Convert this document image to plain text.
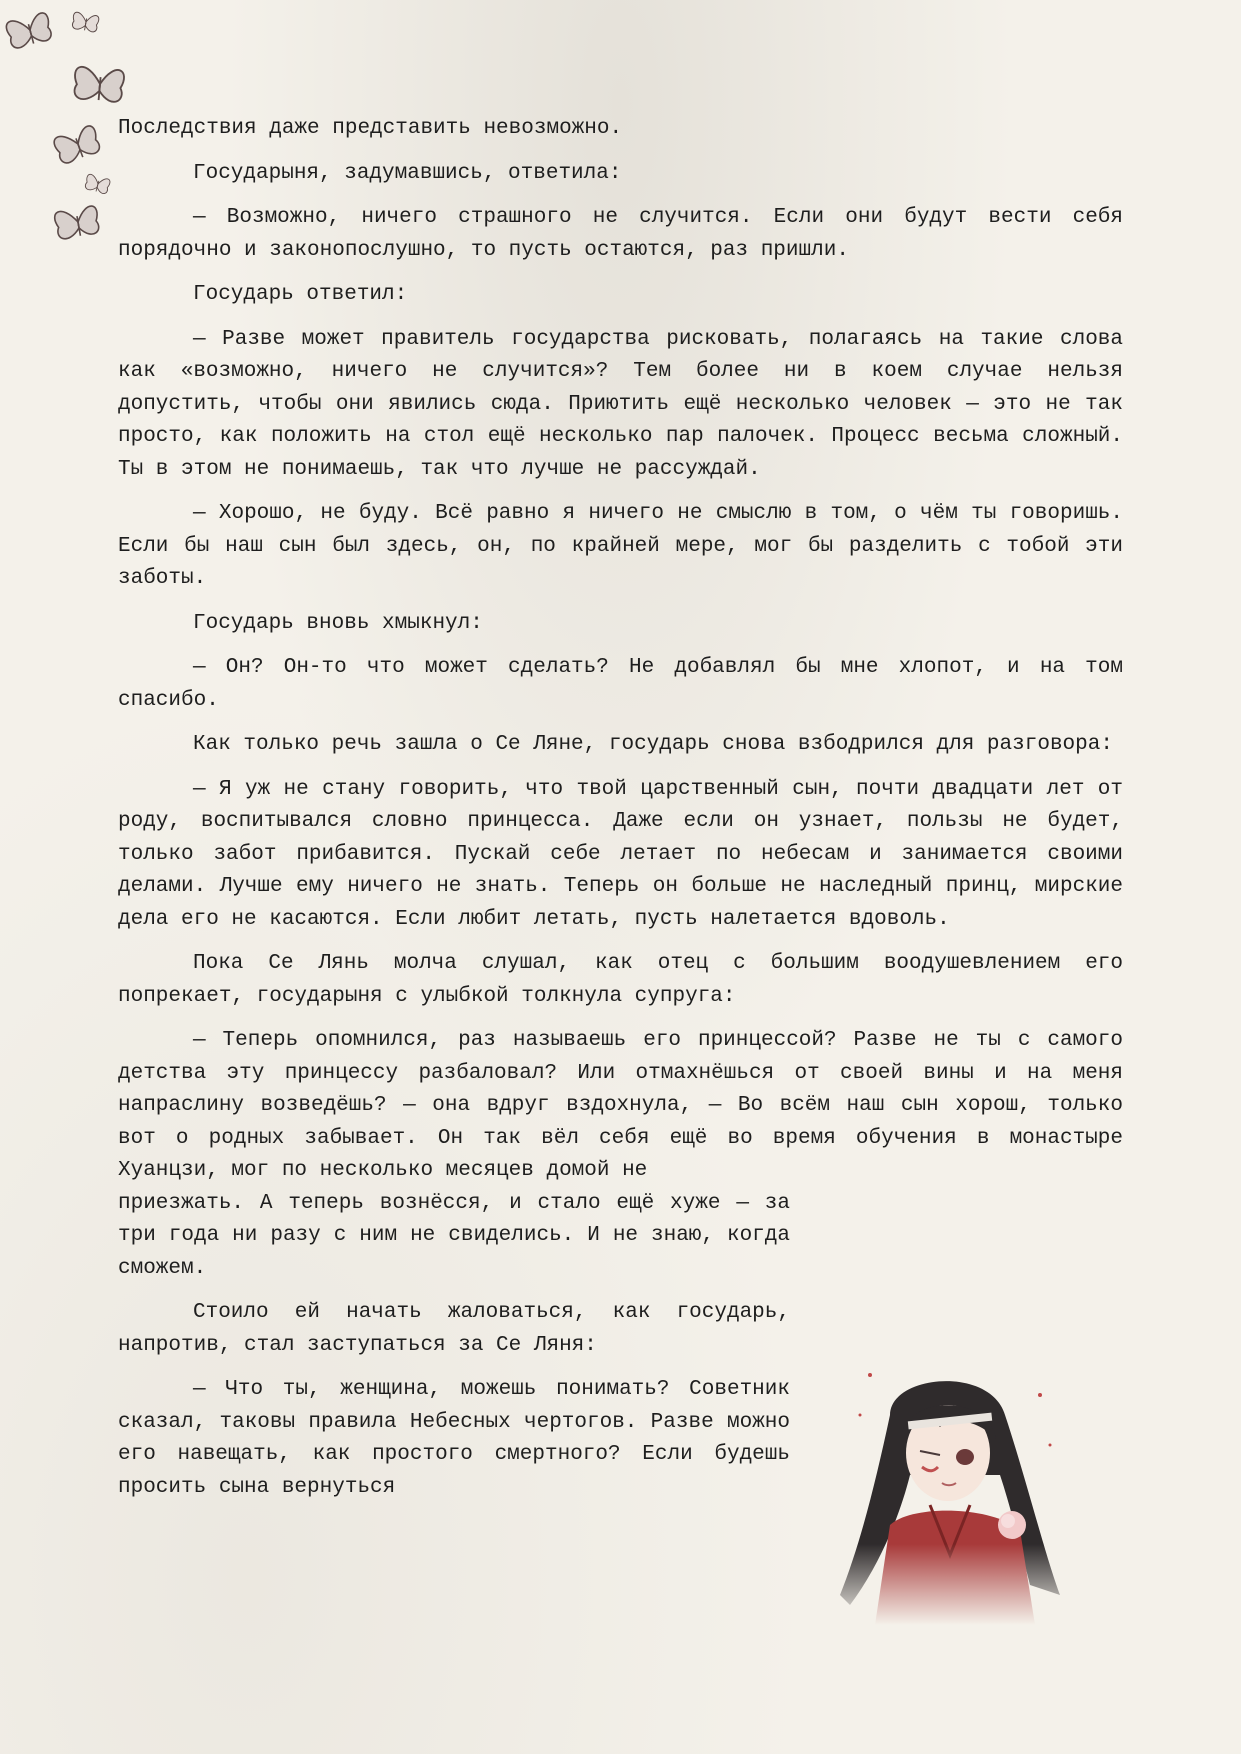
Последствия даже представить невозможно.

Государыня, задумавшись, ответила:

— Возможно, ничего страшного не случится. Если они будут вести себя порядочно и законопослушно, то пусть остаются, раз пришли.

Государь ответил:

— Разве может правитель государства рисковать, полагаясь на такие слова как «возможно, ничего не случится»? Тем более ни в коем случае нельзя допустить, чтобы они явились сюда. Приютить ещё несколько человек — это не так просто, как положить на стол ещё несколько пар палочек. Процесс весьма сложный. Ты в этом не понимаешь, так что лучше не рассуждай.

— Хорошо, не буду. Всё равно я ничего не смыслю в том, о чём ты говоришь. Если бы наш сын был здесь, он, по крайней мере, мог бы разделить с тобой эти заботы.

Государь вновь хмыкнул:

— Он? Он-то что может сделать? Не добавлял бы мне хлопот, и на том спасибо.

Как только речь зашла о Се Ляне, государь снова взбодрился для разговора:

— Я уж не стану говорить, что твой царственный сын, почти двадцати лет от роду, воспитывался словно принцесса. Даже если он узнает, пользы не будет, только забот прибавится. Пускай себе летает по небесам и занимается своими делами. Лучше ему ничего не знать. Теперь он больше не наследный принц, мирские дела его не касаются. Если любит летать, пусть налетается вдоволь.

Пока Се Лянь молча слушал, как отец с большим воодушевлением его попрекает, государыня с улыбкой толкнула супруга:

— Теперь опомнился, раз называешь его принцессой? Разве не ты с самого детства эту принцессу разбаловал? Или отмахнёшься от своей вины и на меня напраслину возведёшь? — она вдруг вздохнула, — Во всём наш сын хорош, только вот о родных забывает. Он так вёл себя ещё во время обучения в монастыре Хуанцзи, мог по несколько месяцев домой не

приезжать. А теперь вознёсся, и стало ещё хуже — за три года ни разу с ним не свиделись. И не знаю, когда сможем.

Стоило ей начать жаловаться, как государь, напротив, стал заступаться за Се Ляня:

— Что ты, женщина, можешь понимать? Советник сказал, таковы правила Небесных чертогов. Разве можно его навещать, как простого смертного? Если будешь просить сына вернуться
